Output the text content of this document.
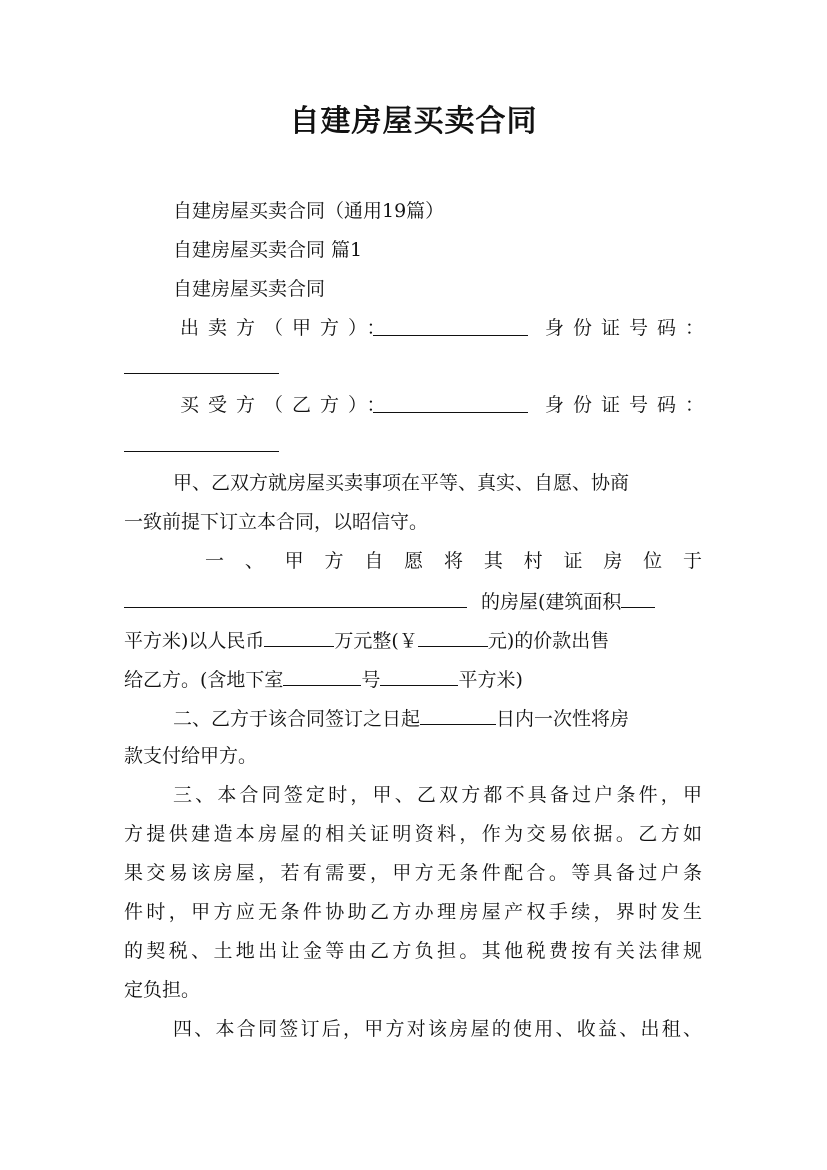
自建房屋买卖合同
自建房屋买卖合同（通用19篇）
自建房屋买卖合同 篇1
自建房屋买卖合同
出卖方（甲方）：	身份证号码：
买受方（乙方）：	身份证号码：
甲、乙双方就房屋买卖事项在平等、真实、自愿、协商
一致前提下订立本合同，以昭信守。
一、甲方自愿将其村证房位于
的房屋(建筑面积
平方米)以人民币	万元整(￥	元)的价款出售
给乙方。(含地下室	号	平方米)
二、乙方于该合同签订之日起	日内一次性将房
款支付给甲方。
三、本合同签定时，甲、乙双方都不具备过户条件，甲
方提供建造本房屋的相关证明资料，作为交易依据。乙方如
果交易该房屋，若有需要，甲方无条件配合。等具备过户条
件时，甲方应无条件协助乙方办理房屋产权手续，界时发生
的契税、土地出让金等由乙方负担。其他税费按有关法律规
定负担。
四、本合同签订后，甲方对该房屋的使用、收益、出租、
